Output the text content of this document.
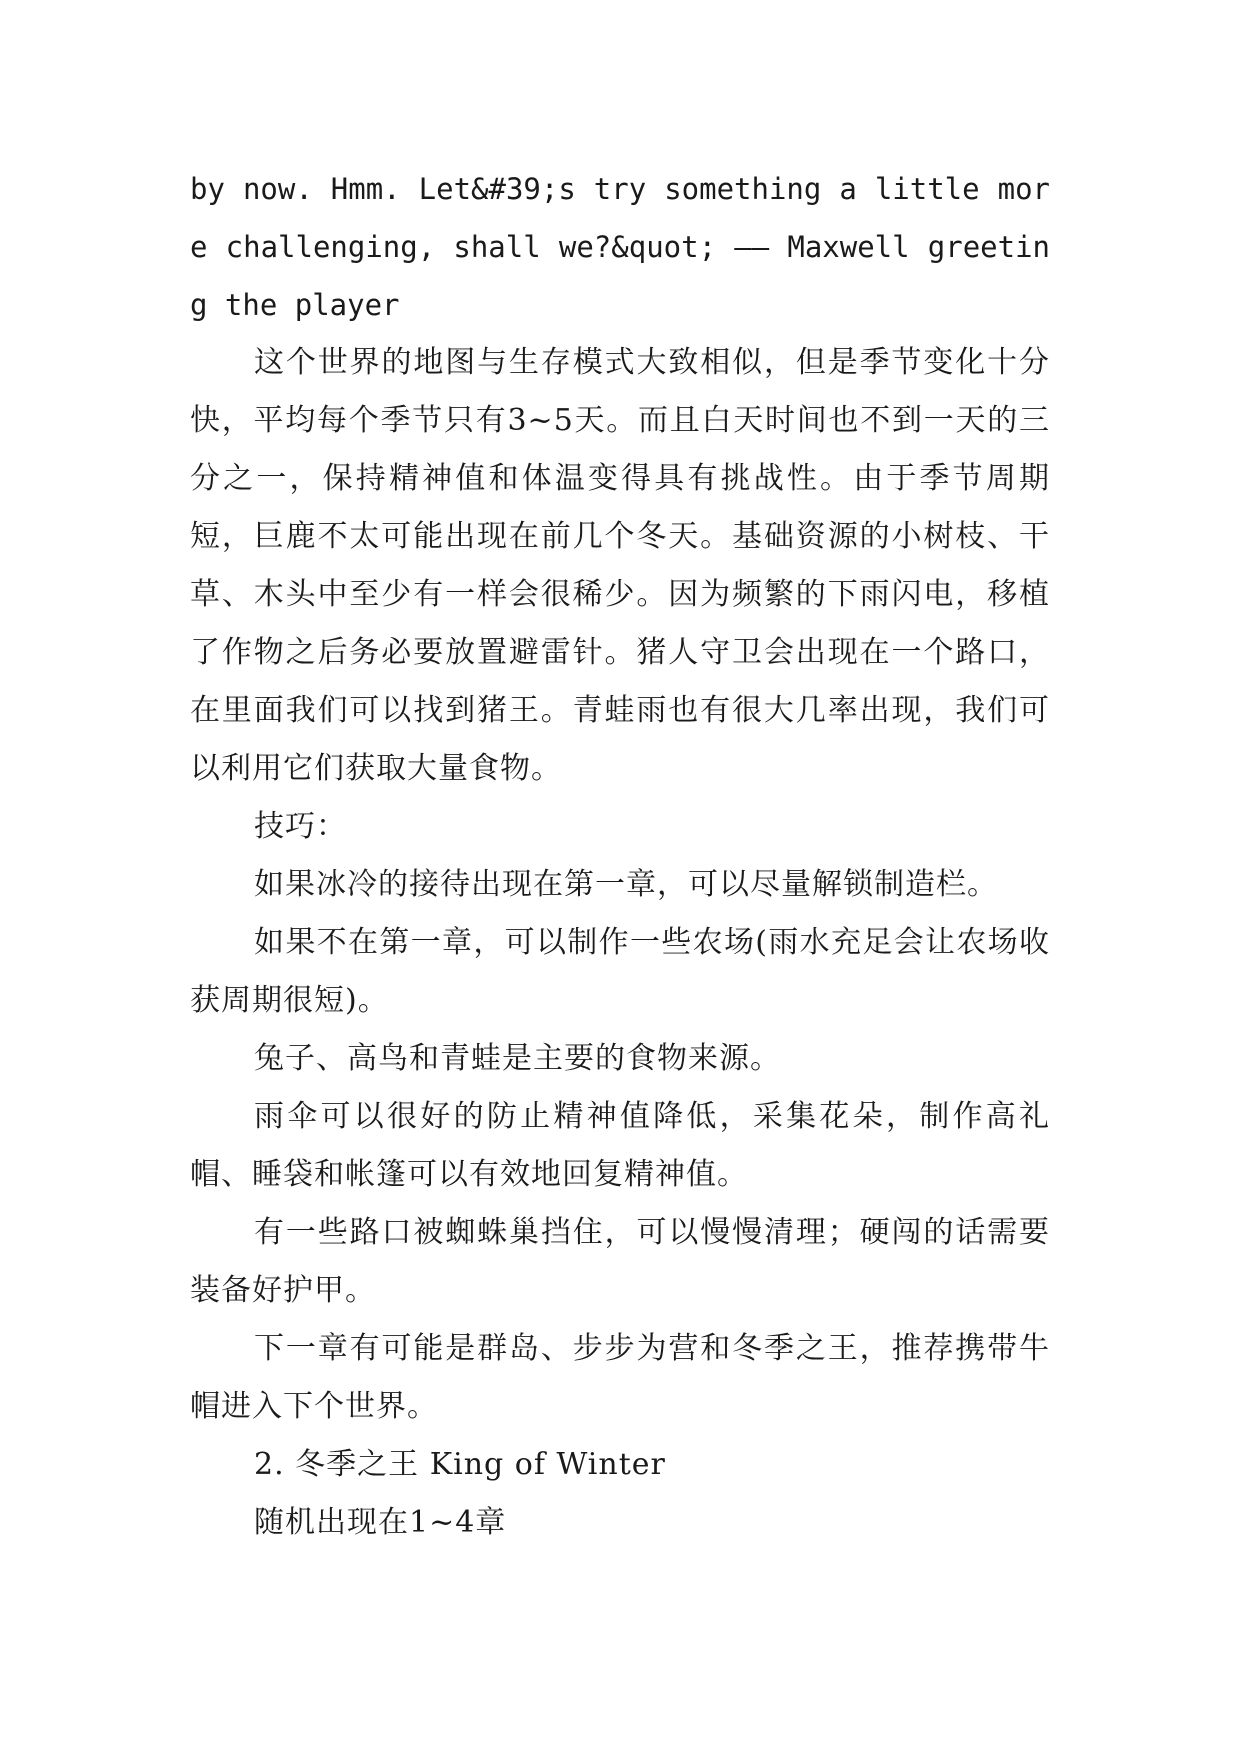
by now. Hmm. Let&#39;s try something a little more challenging, shall we?&quot; —— Maxwell greeting the player

这个世界的地图与生存模式大致相似，但是季节变化十分快，平均每个季节只有3~5天。而且白天时间也不到一天的三分之一，保持精神值和体温变得具有挑战性。由于季节周期短，巨鹿不太可能出现在前几个冬天。基础资源的小树枝、干草、木头中至少有一样会很稀少。因为频繁的下雨闪电，移植了作物之后务必要放置避雷针。猪人守卫会出现在一个路口，在里面我们可以找到猪王。青蛙雨也有很大几率出现，我们可以利用它们获取大量食物。

技巧：

如果冰冷的接待出现在第一章，可以尽量解锁制造栏。

如果不在第一章，可以制作一些农场(雨水充足会让农场收获周期很短)。

兔子、高鸟和青蛙是主要的食物来源。

雨伞可以很好的防止精神值降低，采集花朵，制作高礼帽、睡袋和帐篷可以有效地回复精神值。

有一些路口被蜘蛛巢挡住，可以慢慢清理；硬闯的话需要装备好护甲。

下一章有可能是群岛、步步为营和冬季之王，推荐携带牛帽进入下个世界。

2. 冬季之王 King of Winter

随机出现在1~4章
